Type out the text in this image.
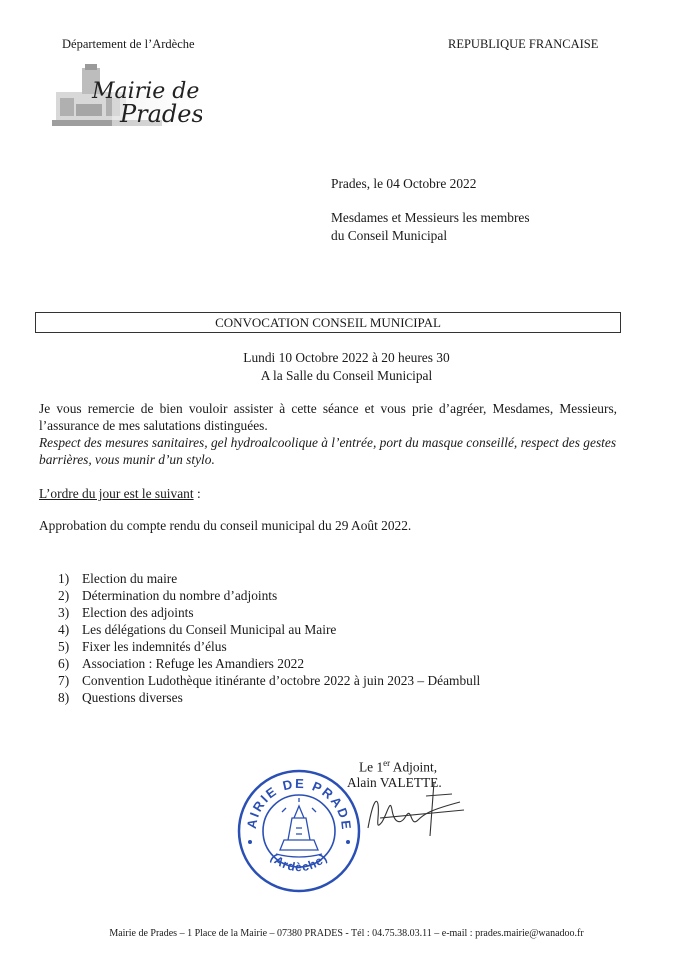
Département de l’Ardèche	REPUBLIQUE FRANCAISE
Mairie de
Prades
Prades, le 04 Octobre 2022
Mesdames et Messieurs les membres
du Conseil Municipal
CONVOCATION CONSEIL MUNICIPAL
Lundi 10 Octobre 2022 à 20 heures 30
A la Salle du Conseil Municipal
Je vous remercie de bien vouloir assister à cette séance et vous prie d’agréer, Mesdames, Messieurs, l’assurance de mes salutations distinguées.
Respect des mesures sanitaires, gel hydroalcoolique à l’entrée, port du masque conseillé, respect des gestes barrières, vous munir d’un stylo.
L’ordre du jour est le suivant :
Approbation du compte rendu du conseil municipal du 29 Août 2022.
1) Election du maire
2) Détermination du nombre d’adjoints
3) Election des adjoints
4) Les délégations du Conseil Municipal au Maire
5) Fixer les indemnités d’élus
6) Association : Refuge les Amandiers 2022
7) Convention Ludothèque itinérante d’octobre 2022 à juin 2023 – Déambull
8) Questions diverses
AIRIE DE PRADE
(Ardèche)
Le 1er Adjoint,
Alain VALETTE.
Mairie de Prades – 1 Place de la Mairie – 07380 PRADES - Tél : 04.75.38.03.11 – e-mail : prades.mairie@wanadoo.fr
